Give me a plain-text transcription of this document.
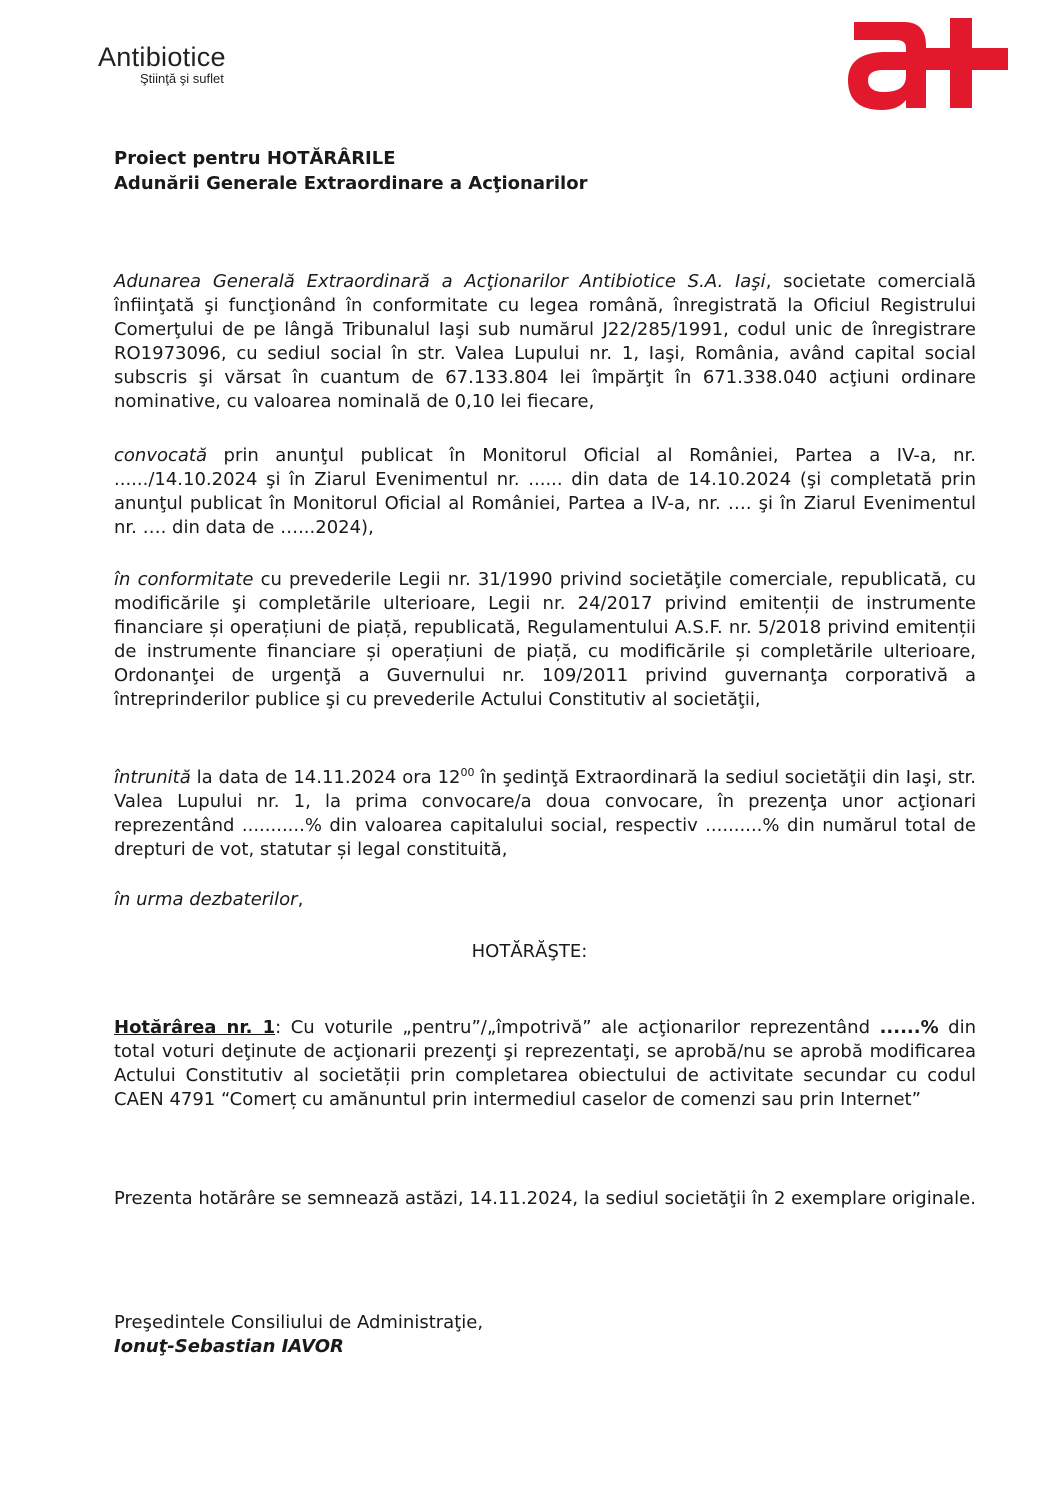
Antibiotice
Ştiinţă şi suflet
Proiect pentru HOTĂRÂRILE
Adunării Generale Extraordinare a Acţionarilor
Adunarea Generală Extraordinară a Acţionarilor Antibiotice S.A. Iaşi, societate comercială înfiinţată şi funcţionând în conformitate cu legea română, înregistrată la Oficiul Registrului Comerţului de pe lângă Tribunalul Iaşi sub numărul J22/285/1991, codul unic de înregistrare RO1973096, cu sediul social în str. Valea Lupului nr. 1, Iaşi, România, având capital social subscris şi vărsat în cuantum de 67.133.804 lei împărţit în 671.338.040 acţiuni ordinare nominative, cu valoarea nominală de 0,10 lei fiecare,
convocată prin anunţul publicat în Monitorul Oficial al României, Partea a IV-a, nr. ....../14.10.2024 şi în Ziarul Evenimentul nr. ...... din data de 14.10.2024 (şi completată prin anunţul publicat în Monitorul Oficial al României, Partea a IV-a, nr. …. şi în Ziarul Evenimentul nr. …. din data de …...2024),
în conformitate cu prevederile Legii nr. 31/1990 privind societăţile comerciale, republicată, cu modificările şi completările ulterioare, Legii nr. 24/2017 privind emitenții de instrumente financiare și operațiuni de piață, republicată, Regulamentului A.S.F. nr. 5/2018 privind emitenții de instrumente financiare și operațiuni de piață, cu modificările și completările ulterioare, Ordonanţei de urgenţă a Guvernului nr. 109/2011 privind guvernanţa corporativă a întreprinderilor publice şi cu prevederile Actului Constitutiv al societăţii,
întrunită la data de 14.11.2024 ora $12^{00}$ în şedinţă Extraordinară la sediul societăţii din Iaşi, str. Valea Lupului nr. 1, la prima convocare/a doua convocare, în prezenţa unor acţionari reprezentând ...........% din valoarea capitalului social, respectiv ..........% din numărul total de drepturi de vot, statutar și legal constituită,
în urma dezbaterilor,
HOTĂRĂŞTE:
Hotărârea nr. 1: Cu voturile „pentru”/„împotrivă” ale acţionarilor reprezentând ......% din total voturi deţinute de acţionarii prezenţi şi reprezentaţi, se aprobă/nu se aprobă modificarea Actului Constitutiv al societății prin completarea obiectului de activitate secundar cu codul CAEN 4791 “Comerț cu amănuntul prin intermediul caselor de comenzi sau prin Internet”
Prezenta hotărâre se semnează astăzi, 14.11.2024, la sediul societăţii în 2 exemplare originale.
Preşedintele Consiliului de Administraţie,
Ionuţ-Sebastian IAVOR
